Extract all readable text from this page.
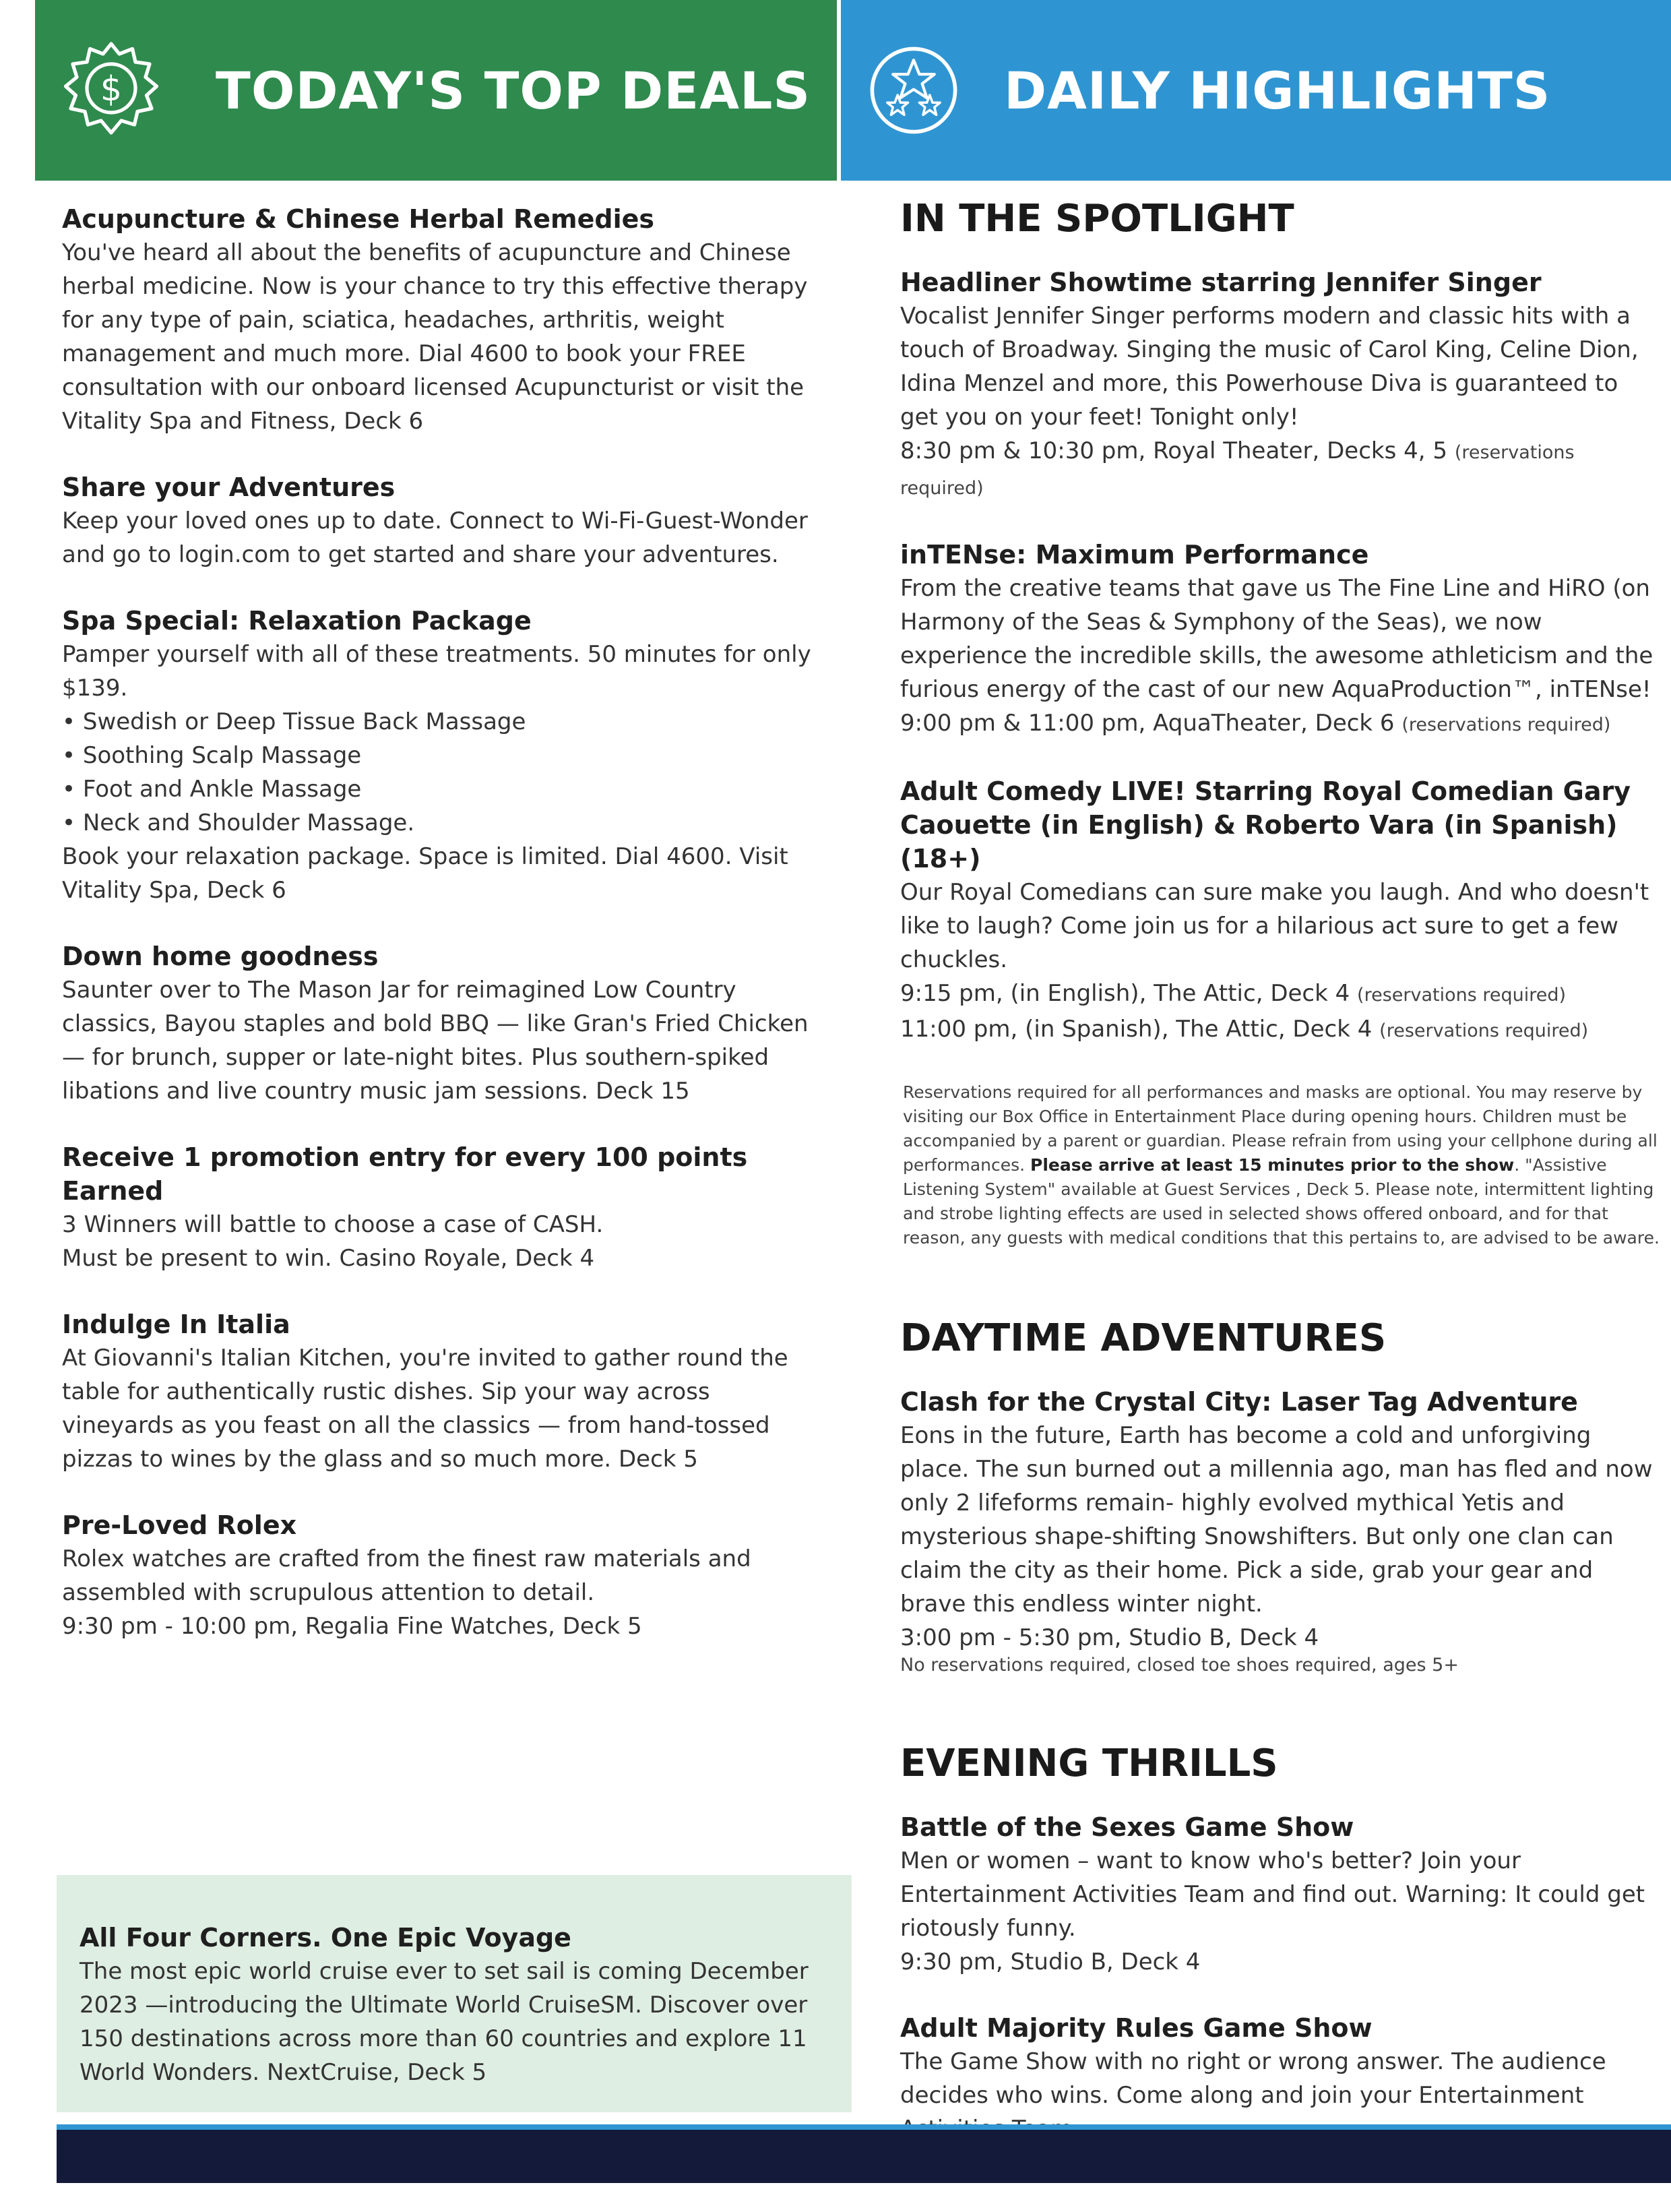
$ TODAY'S TOP DEALS	DAILY HIGHLIGHTS
Acupuncture & Chinese Herbal Remedies
You've heard all about the benefits of acupuncture and Chinese herbal medicine. Now is your chance to try this effective therapy for any type of pain, sciatica, headaches, arthritis, weight management and much more. Dial 4600 to book your FREE consultation with our onboard licensed Acupuncturist or visit the Vitality Spa and Fitness, Deck 6
Share your Adventures
Keep your loved ones up to date. Connect to Wi-Fi-Guest-Wonder and go to login.com to get started and share your adventures.
Spa Special: Relaxation Package
Pamper yourself with all of these treatments. 50 minutes for only $139.
• Swedish or Deep Tissue Back Massage
• Soothing Scalp Massage
• Foot and Ankle Massage
• Neck and Shoulder Massage.
Book your relaxation package. Space is limited. Dial 4600. Visit Vitality Spa, Deck 6
Down home goodness
Saunter over to The Mason Jar for reimagined Low Country classics, Bayou staples and bold BBQ — like Gran's Fried Chicken — for brunch, supper or late-night bites. Plus southern-spiked libations and live country music jam sessions. Deck 15
Receive 1 promotion entry for every 100 points Earned
3 Winners will battle to choose a case of CASH.
Must be present to win. Casino Royale, Deck 4
Indulge In Italia
At Giovanni's Italian Kitchen, you're invited to gather round the table for authentically rustic dishes. Sip your way across vineyards as you feast on all the classics — from hand-tossed pizzas to wines by the glass and so much more. Deck 5
Pre-Loved Rolex
Rolex watches are crafted from the finest raw materials and assembled with scrupulous attention to detail.
9:30 pm - 10:00 pm, Regalia Fine Watches, Deck 5
All Four Corners. One Epic Voyage
The most epic world cruise ever to set sail is coming December 2023 —introducing the Ultimate World CruiseSM. Discover over 150 destinations across more than 60 countries and explore 11 World Wonders. NextCruise, Deck 5
IN THE SPOTLIGHT
Headliner Showtime starring Jennifer Singer
Vocalist Jennifer Singer performs modern and classic hits with a touch of Broadway. Singing the music of Carol King, Celine Dion, Idina Menzel and more, this Powerhouse Diva is guaranteed to get you on your feet! Tonight only!
8:30 pm & 10:30 pm, Royal Theater, Decks 4, 5 (reservations required)
inTENse: Maximum Performance
From the creative teams that gave us The Fine Line and HiRO (on Harmony of the Seas & Symphony of the Seas), we now experience the incredible skills, the awesome athleticism and the furious energy of the cast of our new AquaProduction™, inTENse!
9:00 pm & 11:00 pm, AquaTheater, Deck 6 (reservations required)
Adult Comedy LIVE! Starring Royal Comedian Gary Caouette (in English) & Roberto Vara (in Spanish) (18+)
Our Royal Comedians can sure make you laugh. And who doesn't like to laugh? Come join us for a hilarious act sure to get a few chuckles.
9:15 pm, (in English), The Attic, Deck 4 (reservations required)
11:00 pm, (in Spanish), The Attic, Deck 4 (reservations required)
Reservations required for all performances and masks are optional. You may reserve by visiting our Box Office in Entertainment Place during opening hours. Children must be accompanied by a parent or guardian. Please refrain from using your cellphone during all performances. Please arrive at least 15 minutes prior to the show. "Assistive Listening System" available at Guest Services , Deck 5. Please note, intermittent lighting and strobe lighting effects are used in selected shows offered onboard, and for that reason, any guests with medical conditions that this pertains to, are advised to be aware.
DAYTIME ADVENTURES
Clash for the Crystal City: Laser Tag Adventure
Eons in the future, Earth has become a cold and unforgiving place. The sun burned out a millennia ago, man has fled and now only 2 lifeforms remain- highly evolved mythical Yetis and mysterious shape-shifting Snowshifters. But only one clan can claim the city as their home. Pick a side, grab your gear and brave this endless winter night.
3:00 pm - 5:30 pm, Studio B, Deck 4
No reservations required, closed toe shoes required, ages 5+
EVENING THRILLS
Battle of the Sexes Game Show
Men or women – want to know who's better? Join your Entertainment Activities Team and find out. Warning: It could get riotously funny.
9:30 pm, Studio B, Deck 4
Adult Majority Rules Game Show
The Game Show with no right or wrong answer. The audience decides who wins. Come along and join your Entertainment
